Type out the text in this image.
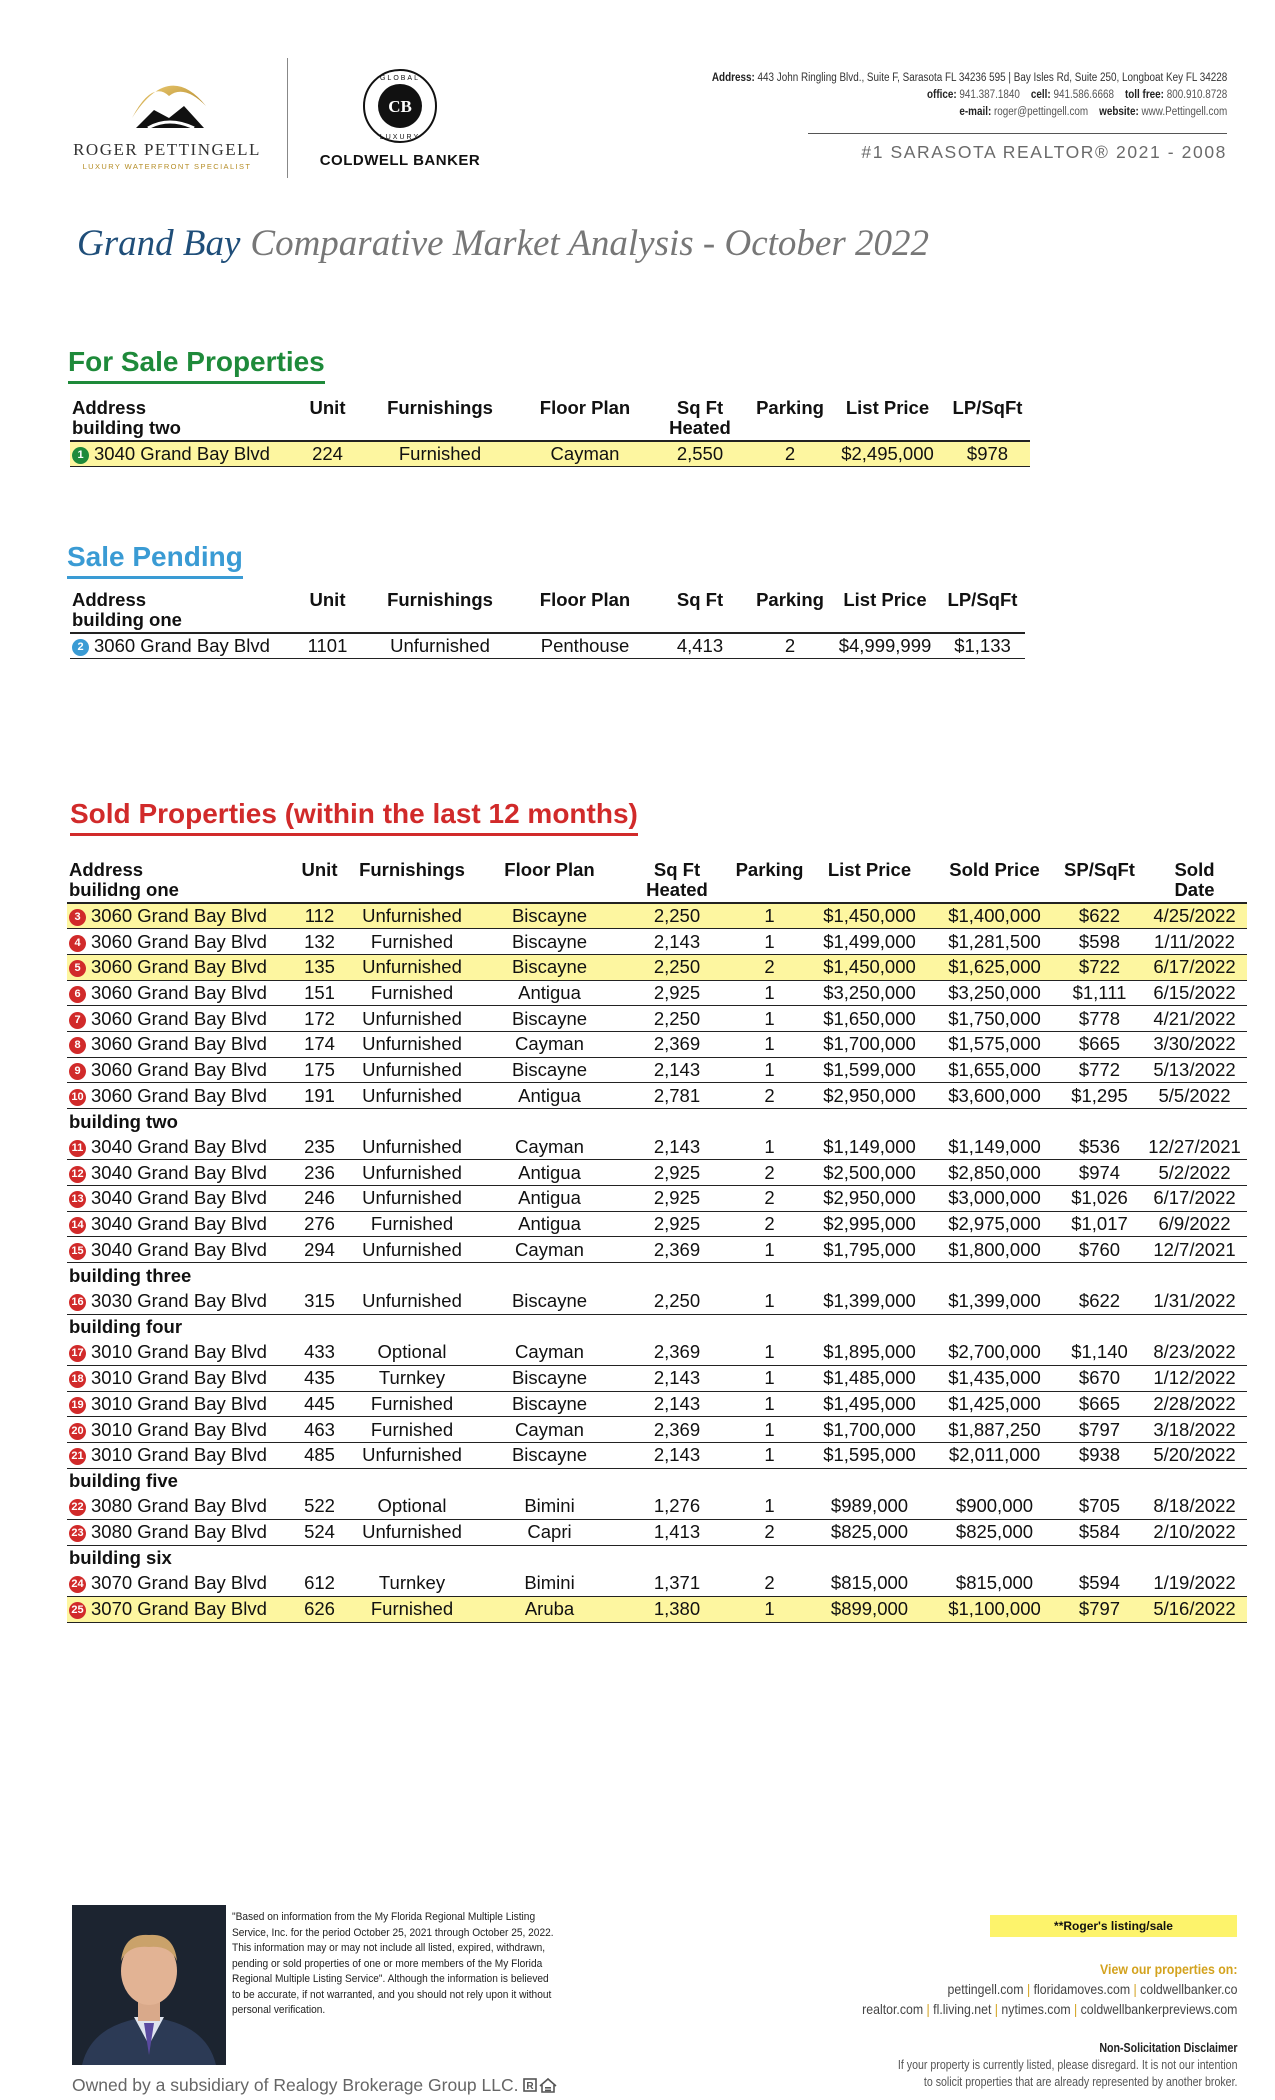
ROGER PETTINGELL
LUXURY WATERFRONT SPECIALIST
CB
GLOBAL
LUXURY
COLDWELL BANKER
Address: 443 John Ringling Blvd., Suite F, Sarasota FL 34236 595 | Bay Isles Rd, Suite 250, Longboat Key FL 34228
office: 941.387.1840 cell: 941.586.6668 toll free: 800.910.8728
e-mail: roger@pettingell.com website: www.Pettingell.com
#1 SARASOTA REALTOR® 2021 - 2008
Grand Bay Comparative Market Analysis - October 2022
For Sale Properties
Address	Unit	Furnishings	Floor Plan	Sq Ft	Parking	List Price	LP/SqFt
building two				Heated			
1 3040 Grand Bay Blvd	224	Furnished	Cayman	2,550	2	$2,495,000	$978
Sale Pending
Address	Unit	Furnishings	Floor Plan	Sq Ft	Parking	List Price	LP/SqFt
building one							
2 3060 Grand Bay Blvd	1101	Unfurnished	Penthouse	4,413	2	$4,999,999	$1,133
Sold Properties (within the last 12 months)
Address	Unit	Furnishings	Floor Plan	Sq Ft	Parking	List Price	Sold Price	SP/SqFt	Sold
builidng one				Heated					Date
3 3060 Grand Bay Blvd	112	Unfurnished	Biscayne	2,250	1	$1,450,000	$1,400,000	$622	4/25/2022
4 3060 Grand Bay Blvd	132	Furnished	Biscayne	2,143	1	$1,499,000	$1,281,500	$598	1/11/2022
5 3060 Grand Bay Blvd	135	Unfurnished	Biscayne	2,250	2	$1,450,000	$1,625,000	$722	6/17/2022
6 3060 Grand Bay Blvd	151	Furnished	Antigua	2,925	1	$3,250,000	$3,250,000	$1,111	6/15/2022
7 3060 Grand Bay Blvd	172	Unfurnished	Biscayne	2,250	1	$1,650,000	$1,750,000	$778	4/21/2022
8 3060 Grand Bay Blvd	174	Unfurnished	Cayman	2,369	1	$1,700,000	$1,575,000	$665	3/30/2022
9 3060 Grand Bay Blvd	175	Unfurnished	Biscayne	2,143	1	$1,599,000	$1,655,000	$772	5/13/2022
10 3060 Grand Bay Blvd	191	Unfurnished	Antigua	2,781	2	$2,950,000	$3,600,000	$1,295	5/5/2022
building two									
11 3040 Grand Bay Blvd	235	Unfurnished	Cayman	2,143	1	$1,149,000	$1,149,000	$536	12/27/2021
12 3040 Grand Bay Blvd	236	Unfurnished	Antigua	2,925	2	$2,500,000	$2,850,000	$974	5/2/2022
13 3040 Grand Bay Blvd	246	Unfurnished	Antigua	2,925	2	$2,950,000	$3,000,000	$1,026	6/17/2022
14 3040 Grand Bay Blvd	276	Furnished	Antigua	2,925	2	$2,995,000	$2,975,000	$1,017	6/9/2022
15 3040 Grand Bay Blvd	294	Unfurnished	Cayman	2,369	1	$1,795,000	$1,800,000	$760	12/7/2021
building three									
16 3030 Grand Bay Blvd	315	Unfurnished	Biscayne	2,250	1	$1,399,000	$1,399,000	$622	1/31/2022
building four									
17 3010 Grand Bay Blvd	433	Optional	Cayman	2,369	1	$1,895,000	$2,700,000	$1,140	8/23/2022
18 3010 Grand Bay Blvd	435	Turnkey	Biscayne	2,143	1	$1,485,000	$1,435,000	$670	1/12/2022
19 3010 Grand Bay Blvd	445	Furnished	Biscayne	2,143	1	$1,495,000	$1,425,000	$665	2/28/2022
20 3010 Grand Bay Blvd	463	Furnished	Cayman	2,369	1	$1,700,000	$1,887,250	$797	3/18/2022
21 3010 Grand Bay Blvd	485	Unfurnished	Biscayne	2,143	1	$1,595,000	$2,011,000	$938	5/20/2022
building five									
22 3080 Grand Bay Blvd	522	Optional	Bimini	1,276	1	$989,000	$900,000	$705	8/18/2022
23 3080 Grand Bay Blvd	524	Unfurnished	Capri	1,413	2	$825,000	$825,000	$584	2/10/2022
building six									
24 3070 Grand Bay Blvd	612	Turnkey	Bimini	1,371	2	$815,000	$815,000	$594	1/19/2022
25 3070 Grand Bay Blvd	626	Furnished	Aruba	1,380	1	$899,000	$1,100,000	$797	5/16/2022
"Based on information from the My Florida Regional Multiple Listing Service, Inc. for the period October 25, 2021 through October 25, 2022. This information may or may not include all listed, expired, withdrawn, pending or sold properties of one or more members of the My Florida Regional Multiple Listing Service". Although the information is believed to be accurate, if not warranted, and you should not rely upon it without personal verification.
Owned by a subsidiary of Realogy Brokerage Group LLC. R
**Roger's listing/sale
View our properties on:
pettingell.com | floridamoves.com | coldwellbanker.co
realtor.com | fl.living.net | nytimes.com | coldwellbankerpreviews.com
Non-Solicitation Disclaimer
If your property is currently listed, please disregard. It is not our intention
to solicit properties that are already represented by another broker.
